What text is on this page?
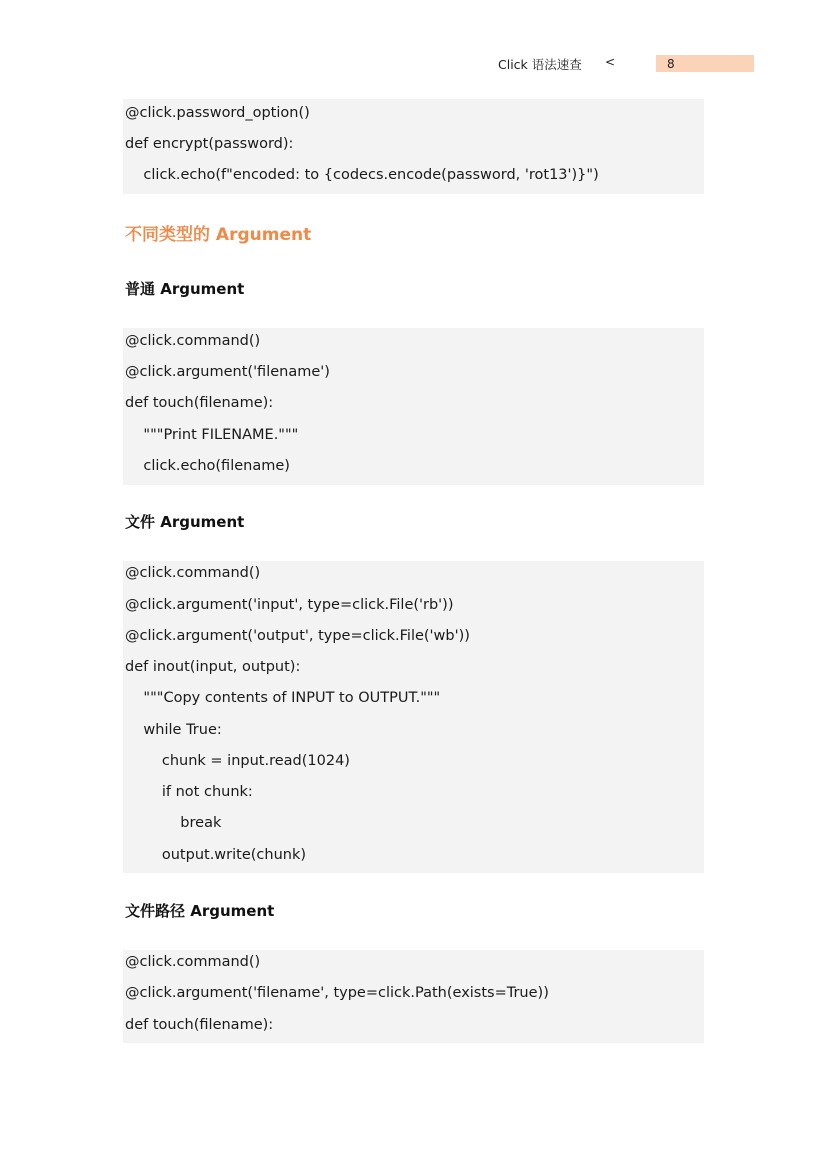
Click 语法速查 <	8
@click.password_option()
def encrypt(password):
click.echo(f"encoded: to {codecs.encode(password, 'rot13')}")
不同类型的 Argument
普通 Argument
@click.command()
@click.argument('filename')
def touch(filename):
"""Print FILENAME."""
click.echo(filename)
文件 Argument
@click.command()
@click.argument('input', type=click.File('rb'))
@click.argument('output', type=click.File('wb'))
def inout(input, output):
"""Copy contents of INPUT to OUTPUT."""
while True:
chunk = input.read(1024)
if not chunk:
break
output.write(chunk)
文件路径 Argument
@click.command()
@click.argument('filename', type=click.Path(exists=True))
def touch(filename):
